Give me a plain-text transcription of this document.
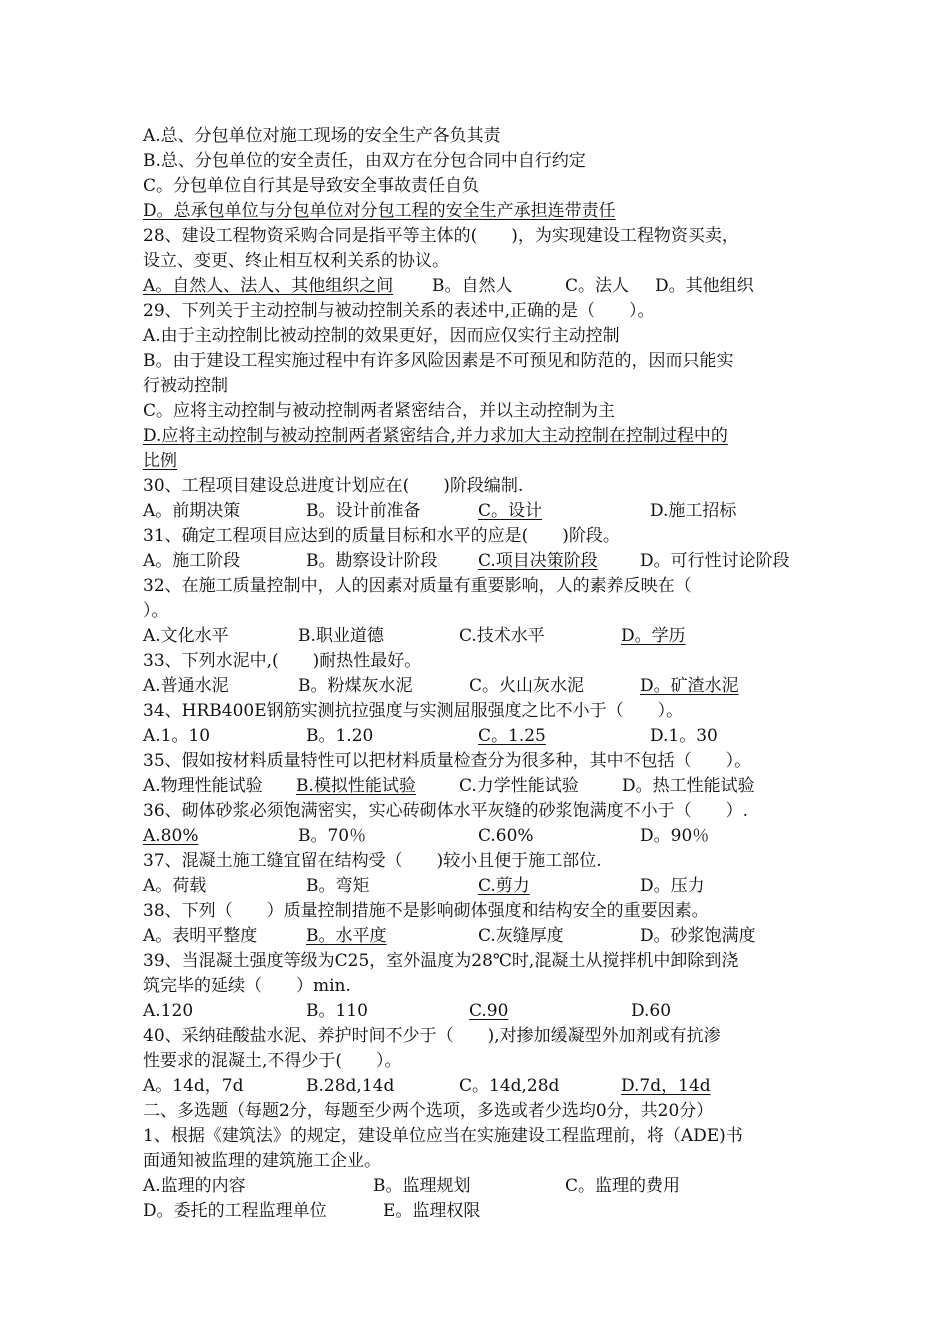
A.总、分包单位对施工现场的安全生产各负其责
B.总、分包单位的安全责任，由双方在分包合同中自行约定
C。分包单位自行其是导致安全事故责任自负
D。总承包单位与分包单位对分包工程的安全生产承担连带责任
28、建设工程物资采购合同是指平等主体的(　　)，为实现建设工程物资买卖，
设立、变更、终止相互权利关系的协议。
A。自然人、法人、其他组织之间 B。自然人	C。法人 D。其他组织
29、下列关于主动控制与被动控制关系的表述中,正确的是（　　）。
A.由于主动控制比被动控制的效果更好，因而应仅实行主动控制
B。由于建设工程实施过程中有许多风险因素是不可预见和防范的，因而只能实
行被动控制
C。应将主动控制与被动控制两者紧密结合，并以主动控制为主
D.应将主动控制与被动控制两者紧密结合,并力求加大主动控制在控制过程中的
比例
30、工程项目建设总进度计划应在(　　)阶段编制.
A。前期决策	B。设计前准备	C。设计	D.施工招标
31、确定工程项目应达到的质量目标和水平的应是(　　)阶段。
A。施工阶段	B。勘察设计阶段 C.项目决策阶段 D。可行性讨论阶段
32、在施工质量控制中，人的因素对质量有重要影响，人的素养反映在（
）。
A.文化水平	B.职业道德	C.技术水平	D。学历
33、下列水泥中,(　　)耐热性最好。
A.普通水泥	B。粉煤灰水泥	C。火山灰水泥	D。矿渣水泥
34、HRB400E钢筋实测抗拉强度与实测屈服强度之比不小于（　　）。
A.1。10	B。1.20	C。1.25	D.1。30
35、假如按材料质量特性可以把材料质量检查分为很多种，其中不包括（　　）。
A.物理性能试验 B.模拟性能试验	C.力学性能试验	D。热工性能试验
36、砌体砂浆必须饱满密实，实心砖砌体水平灰缝的砂浆饱满度不小于（　　）.
A.80%	B。70％	C.60%	D。90％
37、混凝土施工缝宜留在结构受（　　)较小且便于施工部位.
A。荷载	B。弯矩	C.剪力	D。压力
38、下列（　　）质量控制措施不是影响砌体强度和结构安全的重要因素。
A。表明平整度	B。水平度	C.灰缝厚度	D。砂浆饱满度
39、当混凝土强度等级为C25，室外温度为28℃时,混凝土从搅拌机中卸除到浇
筑完毕的延续（　　）min.
A.120	B。110	C.90	D.60
40、采纳硅酸盐水泥、养护时间不少于（　　),对掺加缓凝型外加剂或有抗渗
性要求的混凝土,不得少于(　　）。
A。14d，7d	B.28d,14d	C。14d,28d	D.7d，14d
二、多选题（每题2分，每题至少两个选项，多选或者少选均0分，共20分）
1、根据《建筑法》的规定，建设单位应当在实施建设工程监理前，将（ADE)书
面通知被监理的建筑施工企业。
A.监理的内容	B。监理规划	C。监理的费用
D。委托的工程监理单位	E。监理权限
